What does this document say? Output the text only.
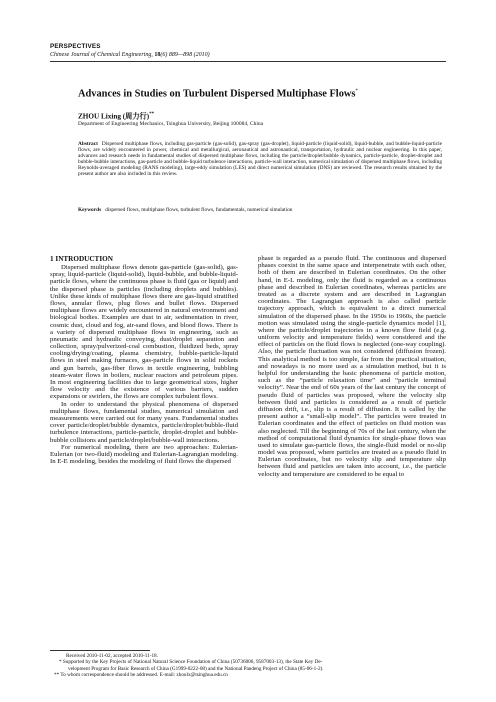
PERSPECTIVES
Chinese Journal of Chemical Engineering, 18(6) 889—898 (2010)
Advances in Studies on Turbulent Dispersed Multiphase Flows*
ZHOU Lixing (周力行)**
Department of Engineering Mechanics, Tsinghua University, Beijing 100084, China
Abstract Dispersed multiphase flows, including gas-particle (gas-solid), gas-spray (gas-droplet), liquid-particle (liquid-solid), liquid-bubble, and bubble-liquid-particle flows, are widely encountered in power, chemical and metallurgical, aeronautical and astronautical, transportation, hydraulic and nuclear engineering. In this paper, advances and research needs in fundamental studies of dispersed multiphase flows, including the particle/droplet/bubble dynamics, particle-particle, droplet-droplet and bubble-bubble interactions, gas-particle and bubble-liquid turbulence interactions, particle-wall interaction, numerical simulation of dispersed multiphase flows, including Reynolds-averaged modeling (RANS modeling), large-eddy simulation (LES) and direct numerical simulation (DNS) are reviewed. The research results obtained by the present author are also included in this review.
Keywords dispersed flows, multiphase flows, turbulent flows, fundamentals, numerical simulation

1 INTRODUCTION

Dispersed multiphase flows denote gas-particle (gas-solid), gas-spray, liquid-particle (liquid-solid), liquid-bubble, and bubble-liquid-particle flows, where the continuous phase is fluid (gas or liquid) and the dispersed phase is particles (including droplets and bubbles). Unlike these kinds of multiphase flows there are gas-liquid stratified flows, annular flows, plug flows and bullet flows. Dispersed multiphase flows are widely encountered in natural environment and biological bodies. Examples are dust in air, sedimentation in river, cosmic dust, cloud and fog, air-sand flows, and blood flows. There is a variety of dispersed multiphase flows in engineering, such as pneumatic and hydraulic conveying, dust/droplet separation and collection, spray/pulverized-coal combustion, fluidized beds, spray cooling/drying/coating, plasma chemistry, bubble-particle-liquid flows in steel making furnaces, gas-particle flows in solid rockets and gun barrels, gas-fiber flows in textile engineering, bubbling steam-water flows in boilers, nuclear reactors and petroleum pipes. In most engineering facilities due to large geometrical sizes, higher flow velocity and the existence of various barriers, sudden expansions or swirlers, the flows are complex turbulent flows.

In order to understand the physical phenomena of dispersed multiphase flows, fundamental studies, numerical simulation and measurements were carried out for many years. Fundamental studies cover particle/droplet/bubble dynamics, particle/droplet/bubble-fluid turbulence interactions, particle-particle, droplet-droplet and bubble-bubble collisions and particle/droplet/bubble-wall interactions.

For numerical modeling, there are two approaches: Eulerian-Eulerian (or two-fluid) modeling and Eulerian-Lagrangian modeling. In E-E modeling, besides the modeling of fluid flows the dispersed

phase is regarded as a pseudo fluid. The continuous and dispersed phases coexist in the same space and interpenetrate with each other, both of them are described in Eulerian coordinates. On the other hand, in E-L modeling, only the fluid is regarded as a continuous phase and described in Eulerian coordinates, whereas particles are treated as a discrete system and are described in Lagrangian coordinates. The Lagrangian approach is also called particle trajectory approach, which is equivalent to a direct numerical simulation of the dispersed phase. In the 1950s to 1960s, the particle motion was simulated using the single-particle dynamics model [1], where the particle/droplet trajectories in a known flow field (e.g. uniform velocity and temperature fields) were considered and the effect of particles on the fluid flows is neglected (one-way coupling). Also, the particle fluctuation was not considered (diffusion frozen). This analytical method is too simple, far from the practical situation, and nowadays is no more used as a simulation method, but it is helpful for understanding the basic phenomena of particle motion, such as the “particle relaxation time” and “particle terminal velocity”. Near the end of 60s years of the last century the concept of pseudo fluid of particles was proposed, where the velocity slip between fluid and particles is considered as a result of particle diffusion drift, i.e., slip is a result of diffusion. It is called by the present author a “small-slip model”. The particles were treated in Eulerian coordinates and the effect of particles on fluid motion was also neglected. Till the beginning of 70s of the last century, when the method of computational fluid dynamics for single-phase flows was used to simulate gas-particle flows, the single-fluid model or no-slip model was proposed, where particles are treated as a pseudo fluid in Eulerian coordinates, but no velocity slip and temperature slip between fluid and particles are taken into account, i.e., the particle velocity and temperature are considered to be equal to

Received 2010-11-02, accepted 2010-11-18.
* Supported by the Key Projects of National Natural Science Foundation of China (50736006, 9587003-13), the State Key De-
velopment Program for Basic Research of China (G1999-0222-08) and the National Pandeng Project of China (85-06-1-2).
** To whom correspondence should be addressed. E-mail: zhoulx@tsinghua.edu.cn
